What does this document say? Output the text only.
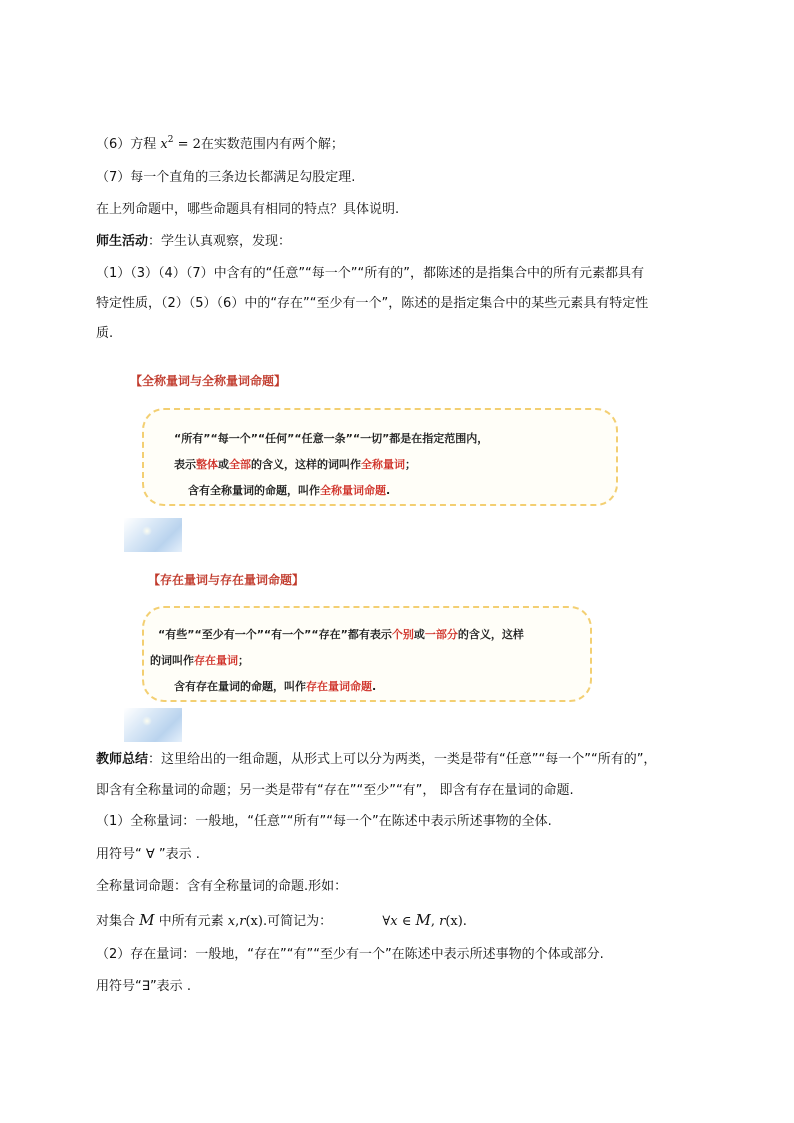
（6）方程 $x^2 = 2$在实数范围内有两个解；
（7）每一个直角的三条边长都满足勾股定理.
在上列命题中，哪些命题具有相同的特点？具体说明.
师生活动：学生认真观察，发现：
（1）（3）（4）（7）中含有的“任意”“每一个”“所有的”，都陈述的是指集合中的所有元素都具有
特定性质，（2）（5）（6）中的“存在”“至少有一个”，陈述的是指定集合中的某些元素具有特定性
质.
【全称量词与全称量词命题】
“所有”“每一个”“任何”“任意一条”“一切”都是在指定范围内，
表示整体或全部的含义，这样的词叫作全称量词；
含有全称量词的命题，叫作全称量词命题.
【存在量词与存在量词命题】
“有些”“至少有一个”“有一个”“存在”都有表示个别或一部分的含义，这样
的词叫作存在量词；
含有存在量词的命题，叫作存在量词命题.
教师总结：这里给出的一组命题，从形式上可以分为两类，一类是带有“任意”“每一个”“所有的”，
即含有全称量词的命题；另一类是带有“存在”“至少”“有”， 即含有存在量词的命题.
（1）全称量词：一般地，“任意”“所有”“每一个”在陈述中表示所述事物的全体.
用符号“ ∀ ”表示 .
全称量词命题：含有全称量词的命题.形如：
对集合 M 中所有元素 x,r(x).可简记为：	∀x ∈ M, r(x).
（2）存在量词：一般地，“存在”“有”“至少有一个”在陈述中表示所述事物的个体或部分.
用符号“∃”表示 .
